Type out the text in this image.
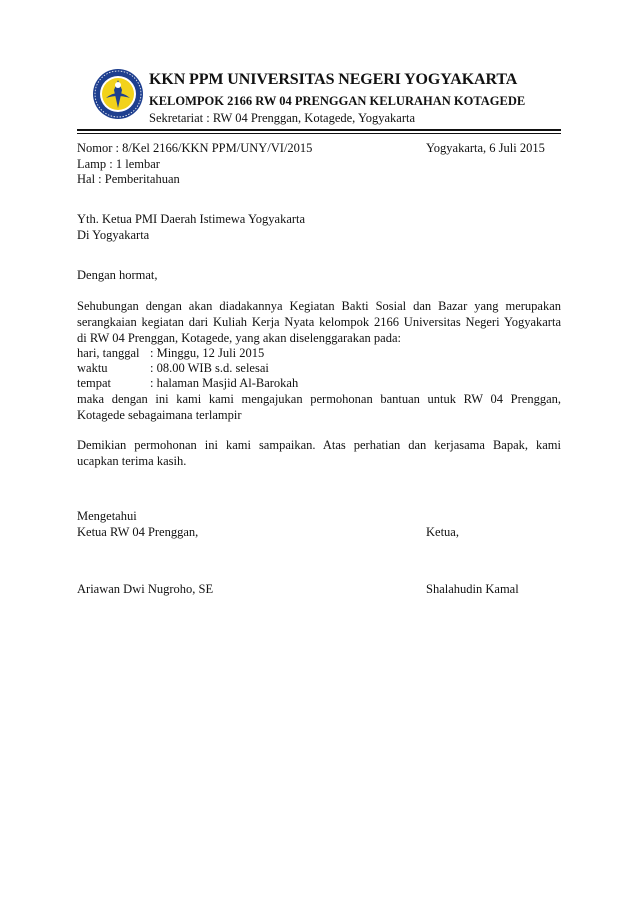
KKN PPM UNIVERSITAS NEGERI YOGYAKARTA
KELOMPOK 2166 RW 04 PRENGGAN KELURAHAN KOTAGEDE
Sekretariat : RW 04 Prenggan, Kotagede, Yogyakarta
Nomor : 8/Kel 2166/KKN PPM/UNY/VI/2015	Yogyakarta, 6 Juli 2015
Lamp : 1 lembar
Hal : Pemberitahuan
Yth. Ketua PMI Daerah Istimewa Yogyakarta
Di Yogyakarta
Dengan hormat,
Sehubungan dengan akan diadakannya Kegiatan Bakti Sosial dan Bazar yang merupakan
serangkaian kegiatan dari Kuliah Kerja Nyata kelompok 2166 Universitas Negeri Yogyakarta
di RW 04 Prenggan, Kotagede, yang akan diselenggarakan pada:
hari, tanggal : Minggu, 12 Juli 2015
waktu	: 08.00 WIB s.d. selesai
tempat	: halaman Masjid Al-Barokah
maka dengan ini kami kami mengajukan permohonan bantuan untuk RW 04 Prenggan,
Kotagede sebagaimana terlampir
Demikian permohonan ini kami sampaikan. Atas perhatian dan kerjasama Bapak, kami
ucapkan terima kasih.
Mengetahui
Ketua RW 04 Prenggan,	Ketua,
Ariawan Dwi Nugroho, SE	Shalahudin Kamal
